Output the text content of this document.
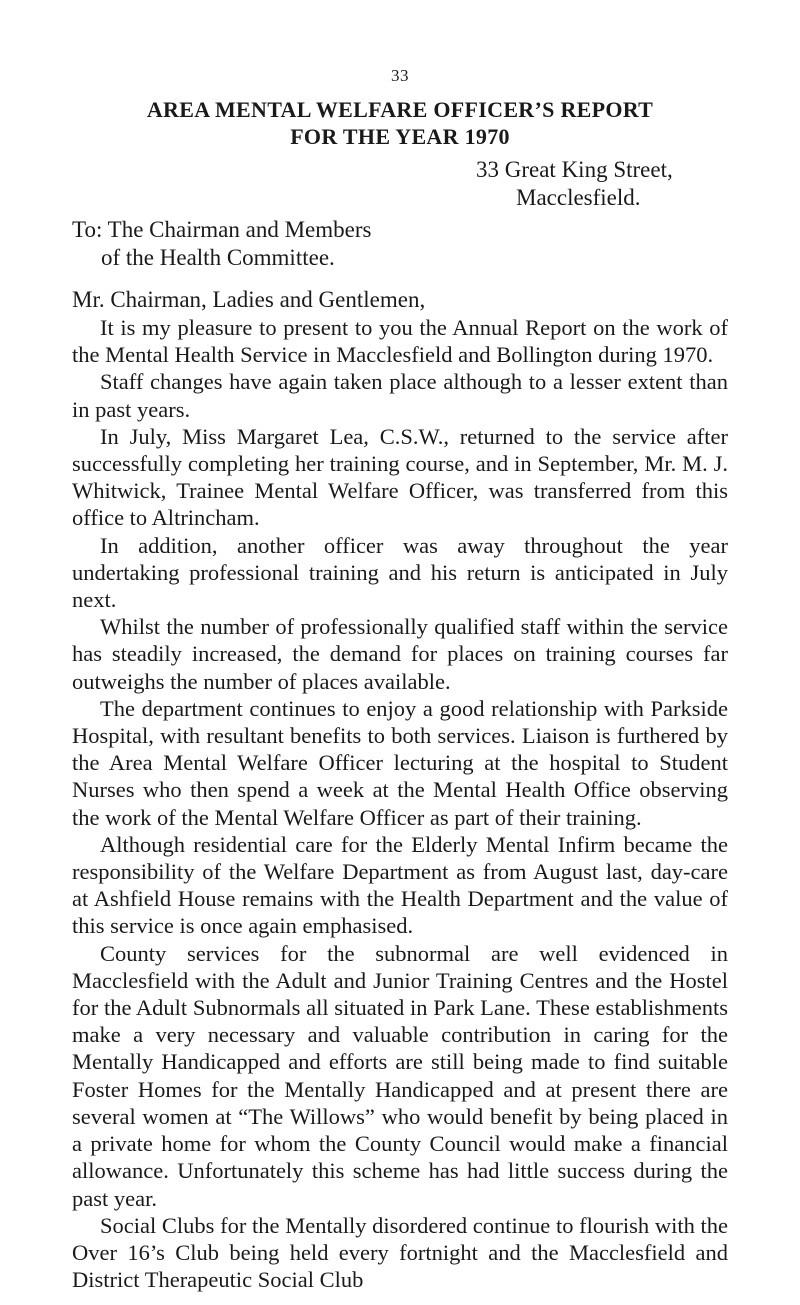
33
AREA MENTAL WELFARE OFFICER’S REPORT
FOR THE YEAR 1970
33 Great King Street,
Macclesfield.
To: The Chairman and Members
of the Health Committee.
Mr. Chairman, Ladies and Gentlemen,

It is my pleasure to present to you the Annual Report on the work of the Mental Health Service in Macclesfield and Bollington during 1970.

Staff changes have again taken place although to a lesser extent than in past years.

In July, Miss Margaret Lea, C.S.W., returned to the service after successfully completing her training course, and in September, Mr. M. J. Whitwick, Trainee Mental Welfare Officer, was transferred from this office to Altrincham.

In addition, another officer was away throughout the year undertaking professional training and his return is anticipated in July next.

Whilst the number of professionally qualified staff within the service has steadily increased, the demand for places on training courses far outweighs the number of places available.

The department continues to enjoy a good relationship with Parkside Hospital, with resultant benefits to both services. Liaison is furthered by the Area Mental Welfare Officer lecturing at the hospital to Student Nurses who then spend a week at the Mental Health Office observing the work of the Mental Welfare Officer as part of their training.

Although residential care for the Elderly Mental Infirm became the responsibility of the Welfare Department as from August last, day-care at Ashfield House remains with the Health Department and the value of this service is once again emphasised.

County services for the subnormal are well evidenced in Macclesfield with the Adult and Junior Training Centres and the Hostel for the Adult Subnormals all situated in Park Lane. These establishments make a very necessary and valuable contribution in caring for the Mentally Handicapped and efforts are still being made to find suitable Foster Homes for the Mentally Handicapped and at present there are several women at “The Willows” who would benefit by being placed in a private home for whom the County Council would make a financial allowance. Unfortunately this scheme has had little success during the past year.

Social Clubs for the Mentally disordered continue to flourish with the Over 16’s Club being held every fortnight and the Macclesfield and District Therapeutic Social Club
